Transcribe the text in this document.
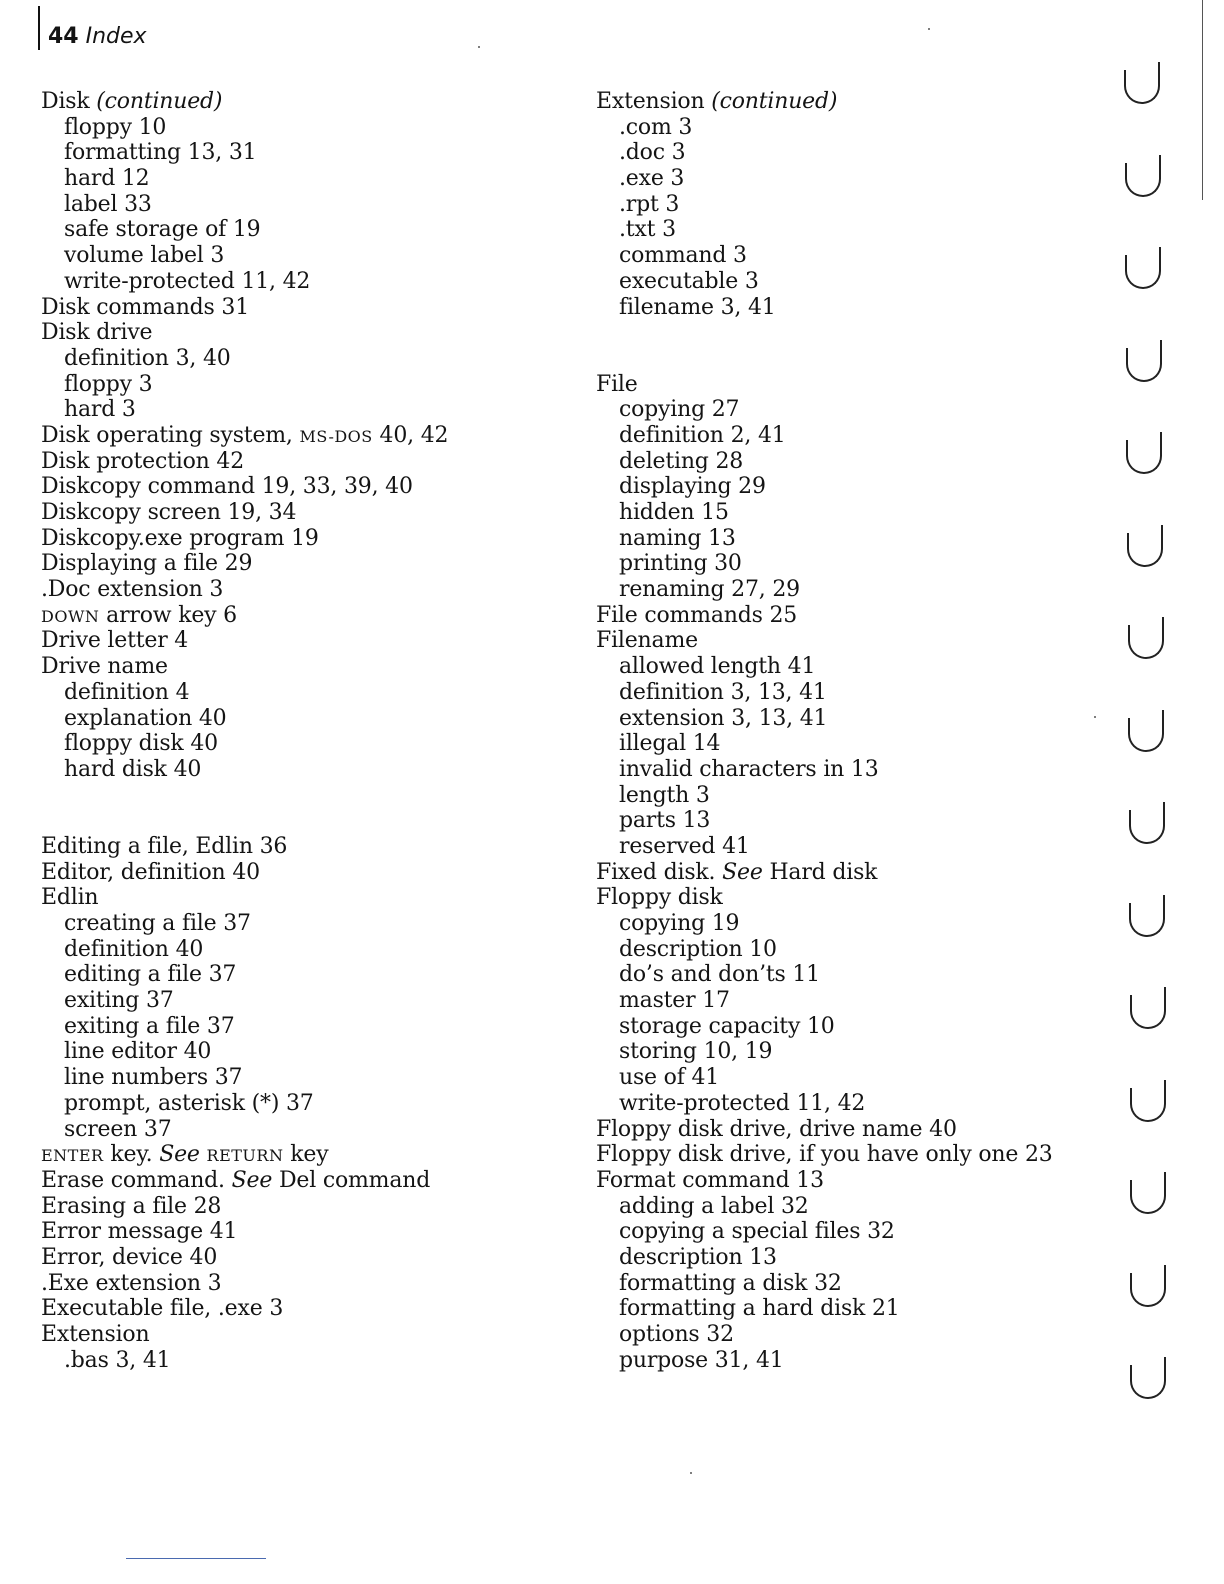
44 Index
Disk (continued)
floppy 10
formatting 13, 31
hard 12
label 33
safe storage of 19
volume label 3
write-protected 11, 42
Disk commands 31
Disk drive
definition 3, 40
floppy 3
hard 3
Disk operating system, MS-DOS 40, 42
Disk protection 42
Diskcopy command 19, 33, 39, 40
Diskcopy screen 19, 34
Diskcopy.exe program 19
Displaying a file 29
.Doc extension 3
DOWN arrow key 6
Drive letter 4
Drive name
definition 4
explanation 40
floppy disk 40
hard disk 40
Editing a file, Edlin 36
Editor, definition 40
Edlin
creating a file 37
definition 40
editing a file 37
exiting 37
exiting a file 37
line editor 40
line numbers 37
prompt, asterisk (*) 37
screen 37
ENTER key. See RETURN key
Erase command. See Del command
Erasing a file 28
Error message 41
Error, device 40
.Exe extension 3
Executable file, .exe 3
Extension
.bas 3, 41
Extension (continued)
.com 3
.doc 3
.exe 3
.rpt 3
.txt 3
command 3
executable 3
filename 3, 41
File
copying 27
definition 2, 41
deleting 28
displaying 29
hidden 15
naming 13
printing 30
renaming 27, 29
File commands 25
Filename
allowed length 41
definition 3, 13, 41
extension 3, 13, 41
illegal 14
invalid characters in 13
length 3
parts 13
reserved 41
Fixed disk. See Hard disk
Floppy disk
copying 19
description 10
do’s and don’ts 11
master 17
storage capacity 10
storing 10, 19
use of 41
write-protected 11, 42
Floppy disk drive, drive name 40
Floppy disk drive, if you have only one 23
Format command 13
adding a label 32
copying a special files 32
description 13
formatting a disk 32
formatting a hard disk 21
options 32
purpose 31, 41
